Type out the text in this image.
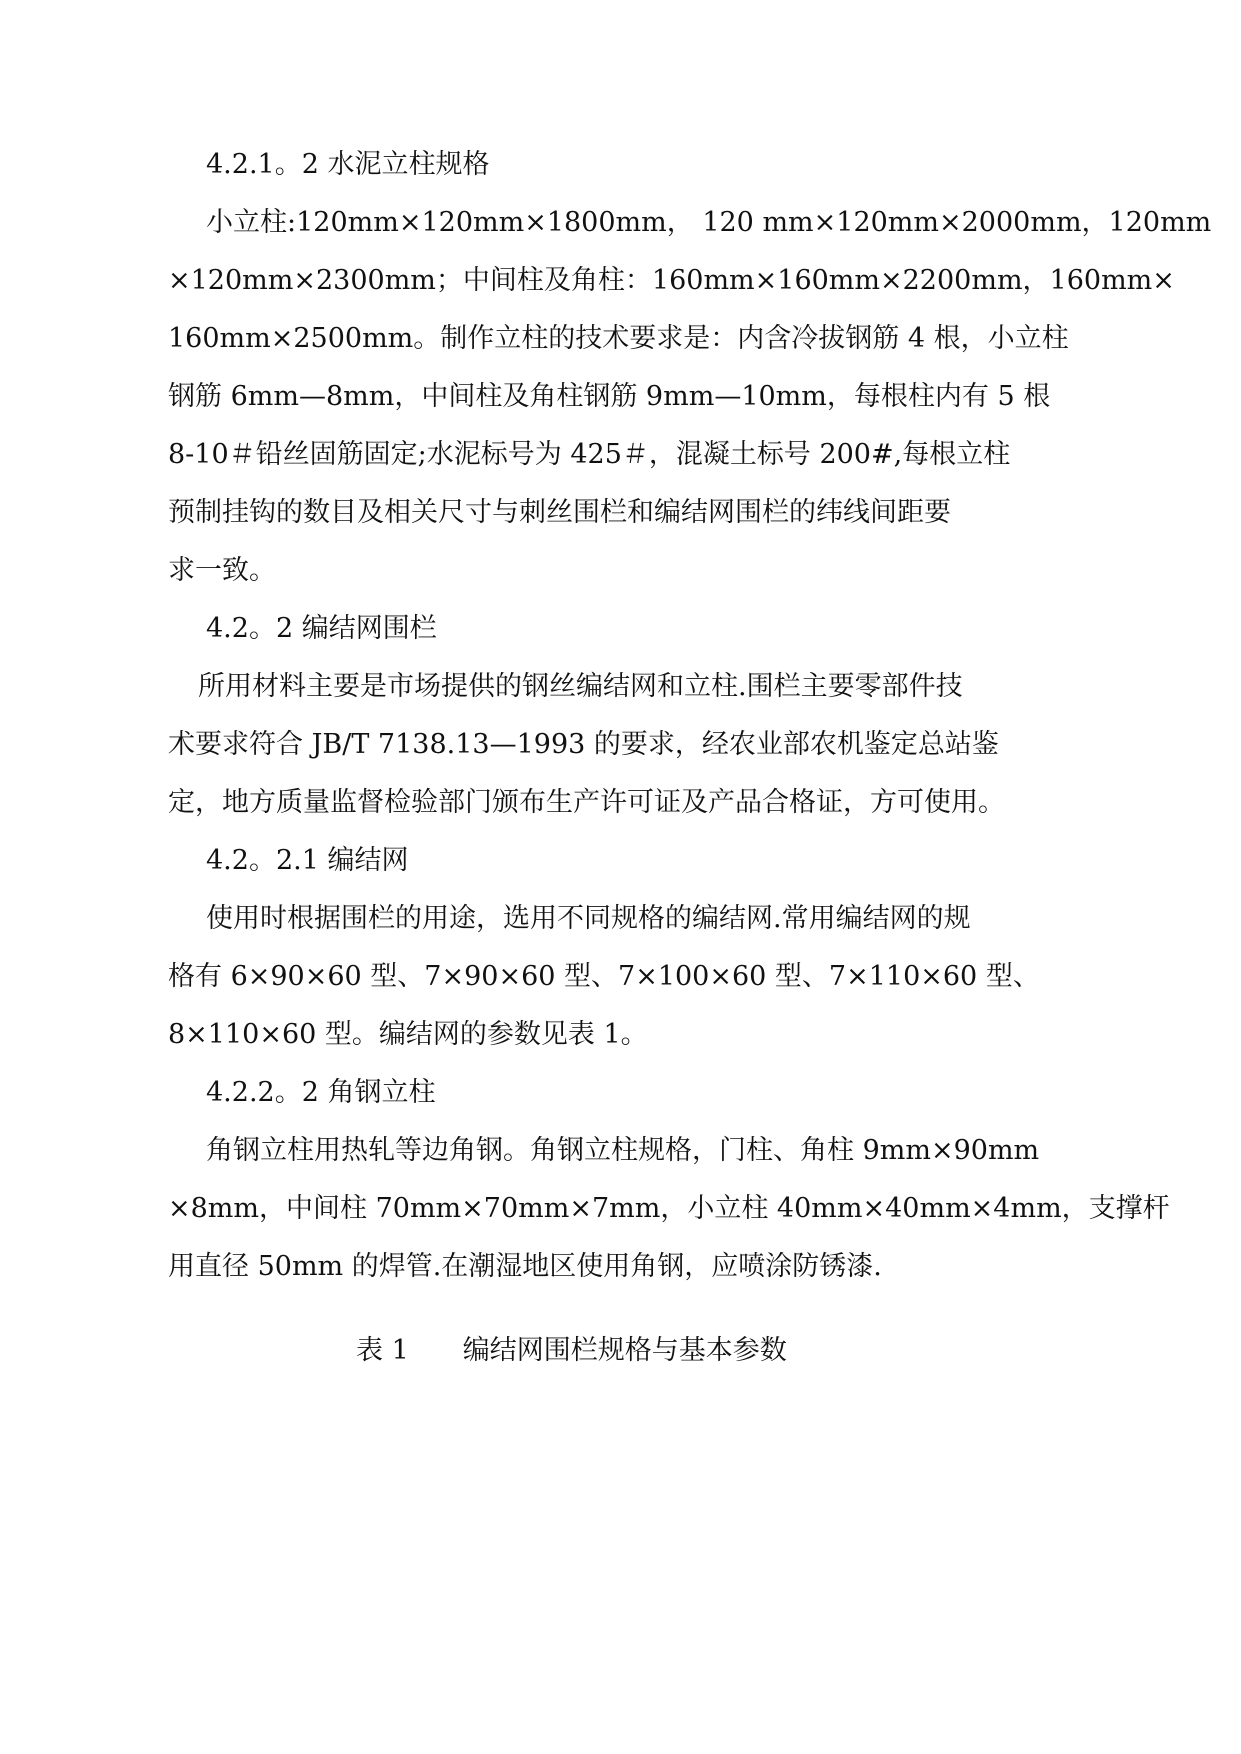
4.2.1。2 水泥立柱规格
小立柱:120mm×120mm×1800mm， 120 mm×120mm×2000mm，120mm
×120mm×2300mm；中间柱及角柱：160mm×160mm×2200mm，160mm×
160mm×2500mm。制作立柱的技术要求是：内含冷拔钢筋 4 根，小立柱
钢筋 6mm—8mm，中间柱及角柱钢筋 9mm—10mm，每根柱内有 5 根
8-10＃铅丝固筋固定;水泥标号为 425＃，混凝土标号 200#,每根立柱
预制挂钩的数目及相关尺寸与刺丝围栏和编结网围栏的纬线间距要
求一致。
4.2。2 编结网围栏
所用材料主要是市场提供的钢丝编结网和立柱.围栏主要零部件技
术要求符合 JB/T 7138.13—1993 的要求，经农业部农机鉴定总站鉴
定，地方质量监督检验部门颁布生产许可证及产品合格证，方可使用。
4.2。2.1 编结网
使用时根据围栏的用途，选用不同规格的编结网.常用编结网的规
格有 6×90×60 型、7×90×60 型、7×100×60 型、7×110×60 型、
8×110×60 型。编结网的参数见表 1。
4.2.2。2 角钢立柱
角钢立柱用热轧等边角钢。角钢立柱规格，门柱、角柱 9mm×90mm
×8mm，中间柱 70mm×70mm×7mm，小立柱 40mm×40mm×4mm，支撑杆
用直径 50mm 的焊管.在潮湿地区使用角钢，应喷涂防锈漆.
表 1　　编结网围栏规格与基本参数
